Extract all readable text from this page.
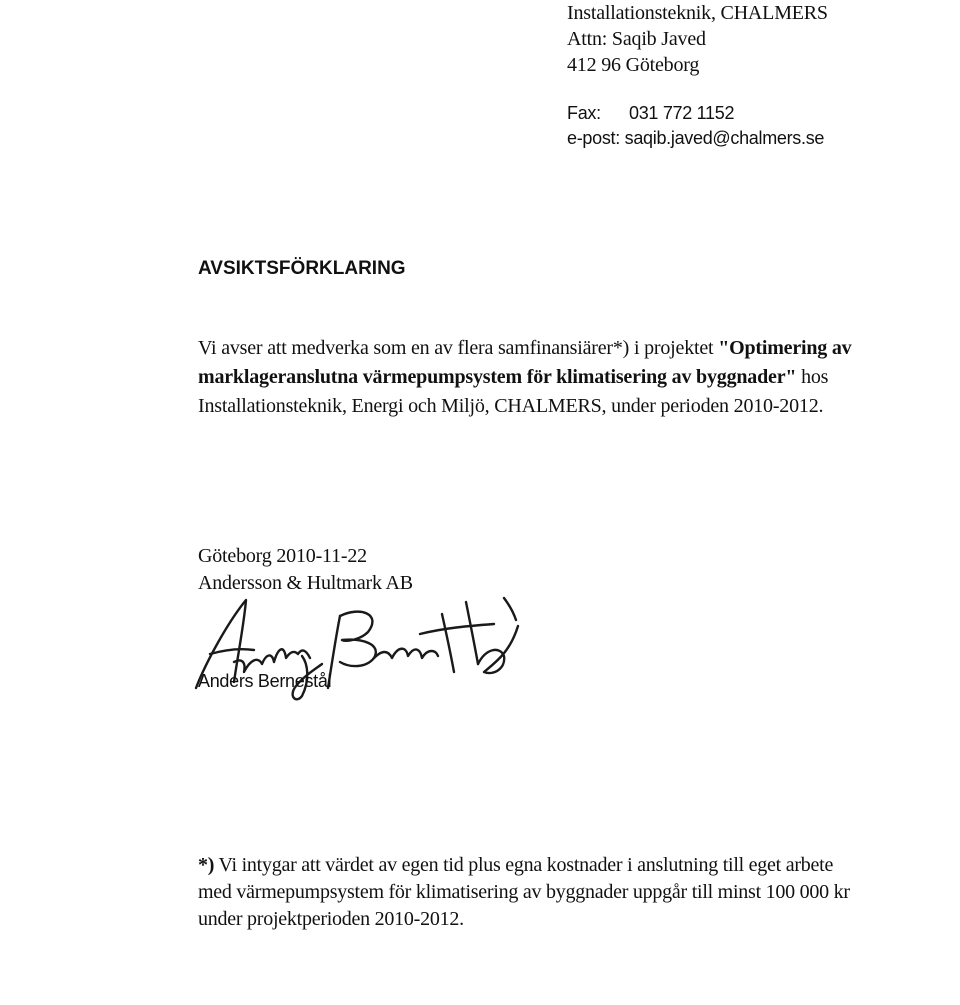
Installationsteknik, CHALMERS
Attn: Saqib Javed
412 96 Göteborg
Fax: 031 772 1152
e-post: saqib.javed@chalmers.se
AVSIKTSFÖRKLARING
Vi avser att medverka som en av flera samfinansiärer*) i projektet "Optimering av
marklageranslutna värmepumpsystem för klimatisering av byggnader" hos
Installationsteknik, Energi och Miljö, CHALMERS, under perioden 2010-2012.
Göteborg 2010-11-22
Andersson & Hultmark AB
Anders Bernestål
*) Vi intygar att värdet av egen tid plus egna kostnader i anslutning till eget arbete
med värmepumpsystem för klimatisering av byggnader uppgår till minst 100 000 kr
under projektperioden 2010-2012.
